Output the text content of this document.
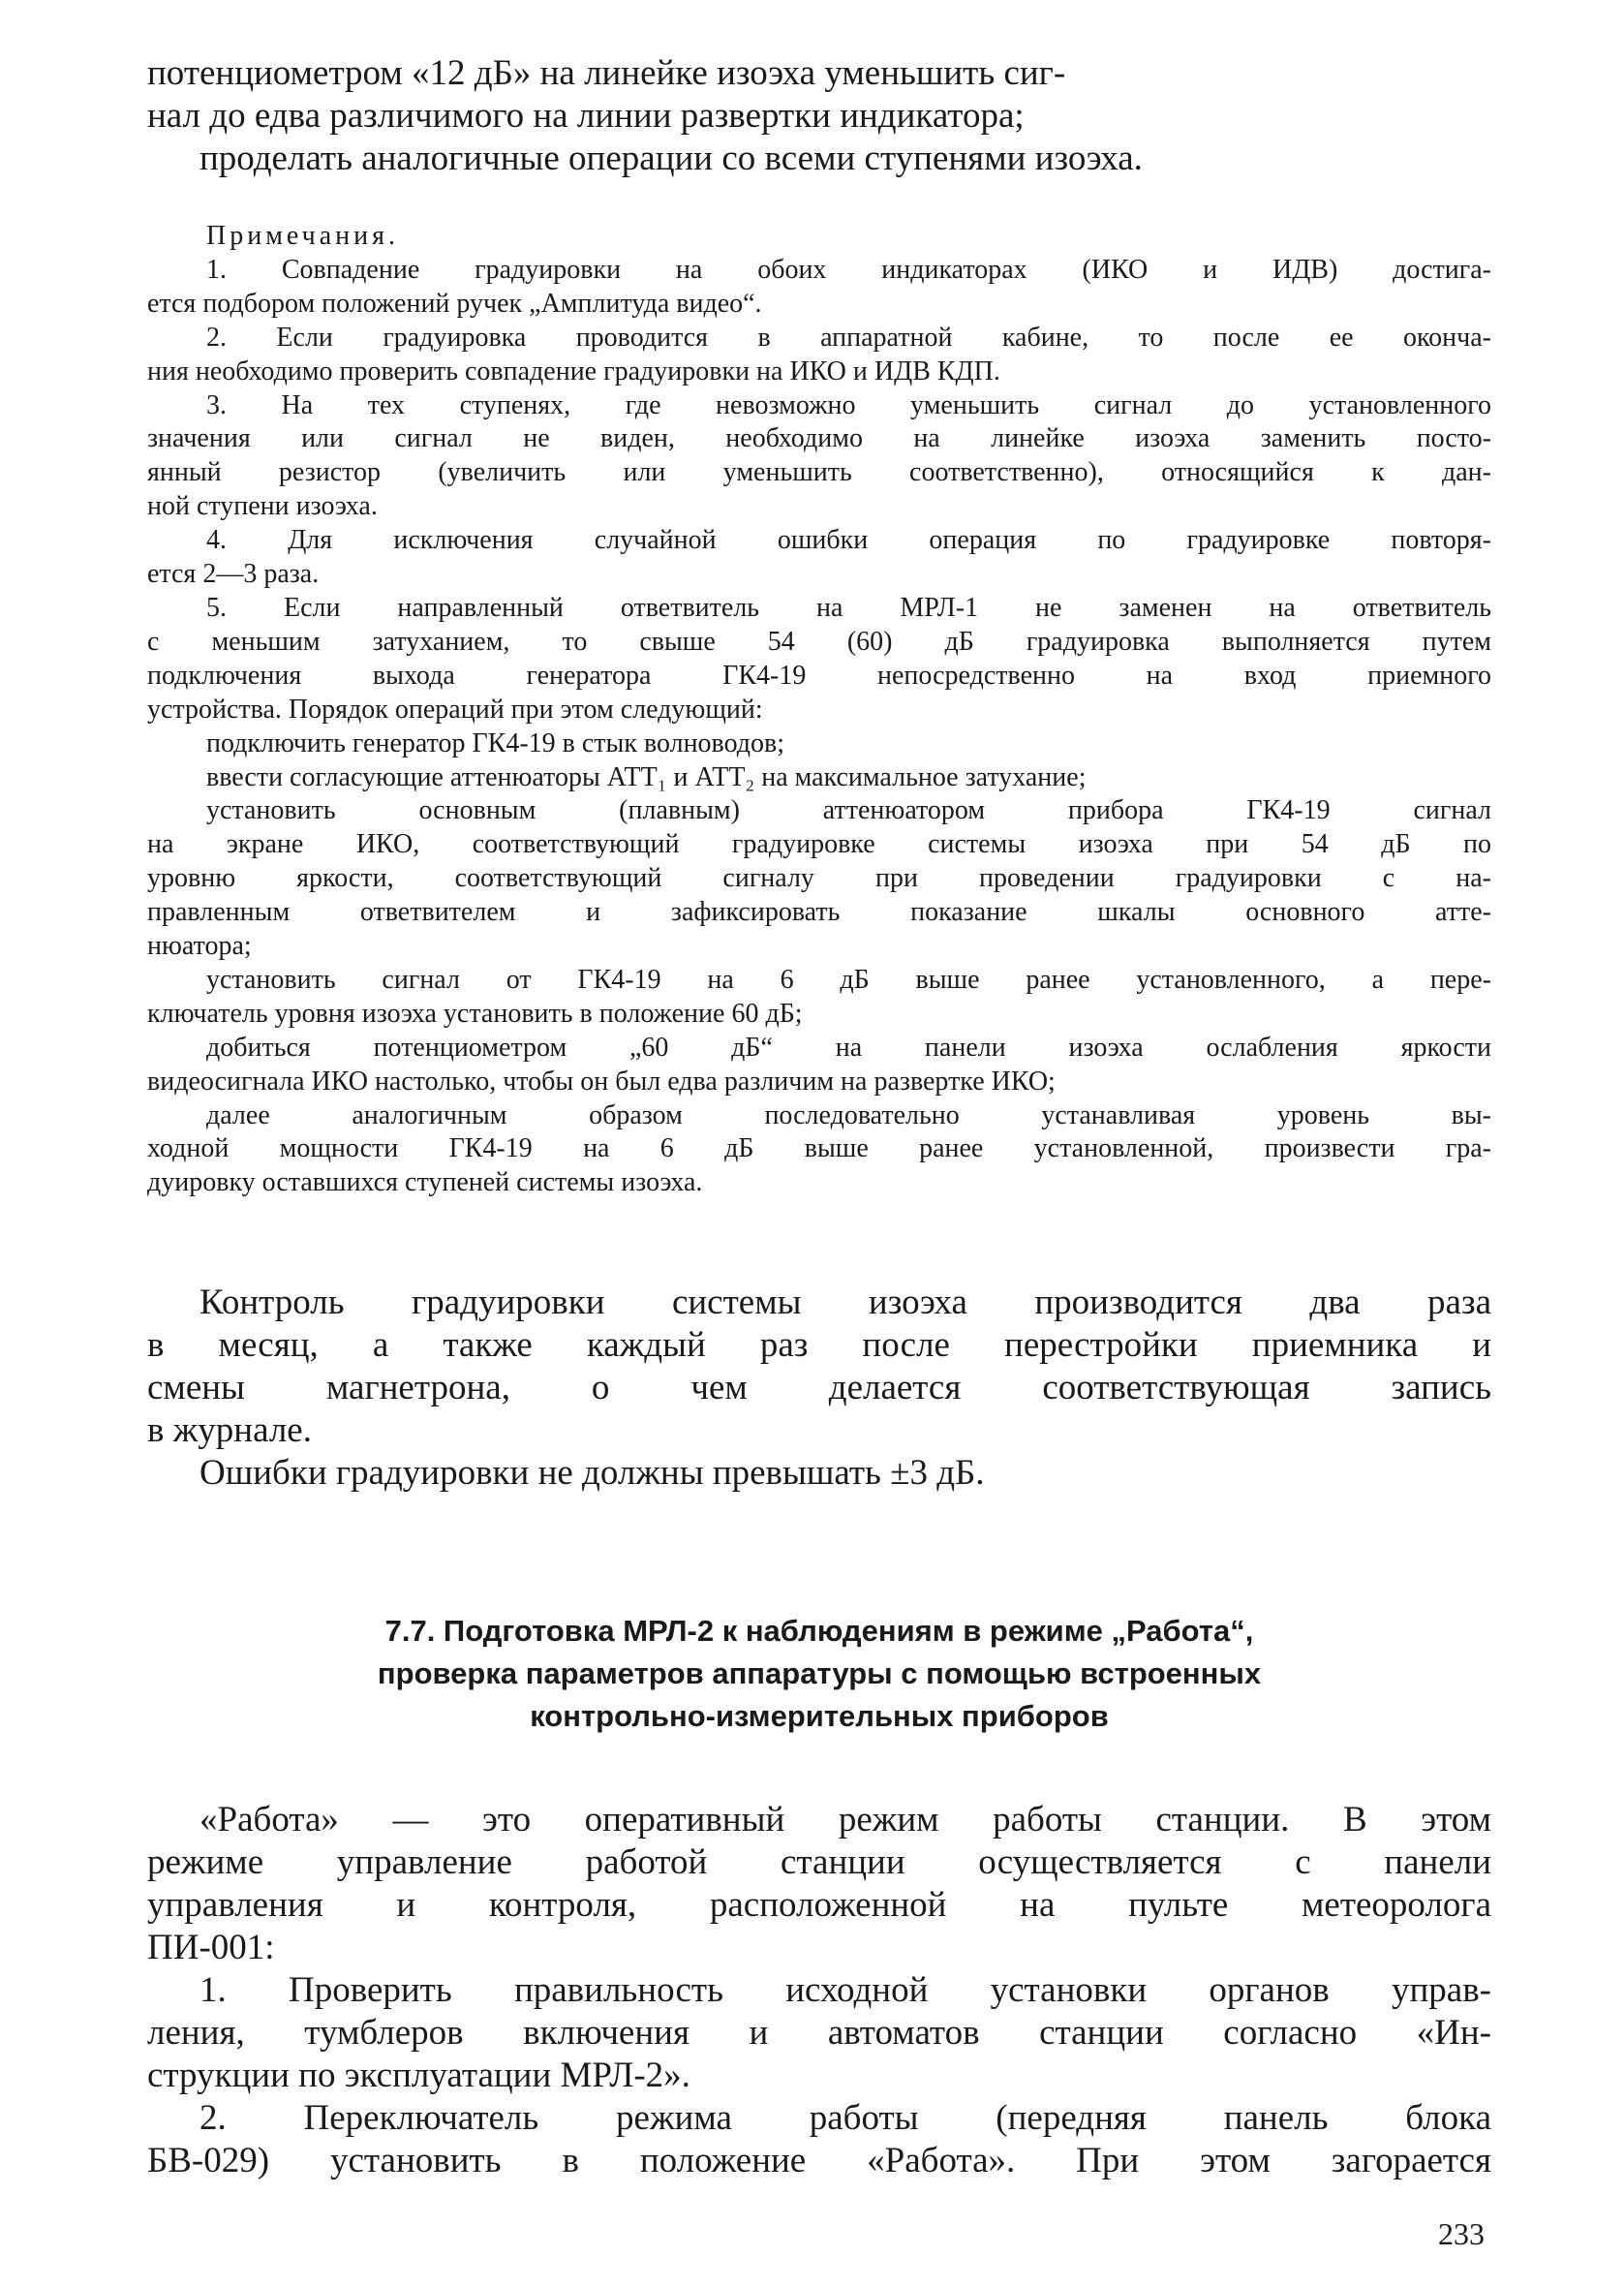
потенциометром «12 дБ» на линейке изоэха уменьшить сиг-
нал до едва различимого на линии развертки индикатора;
проделать аналогичные операции со всеми ступенями изоэха.
Примечания.
1. Совпадение градуировки на обоих индикаторах (ИКО и ИДВ) достига-
ется подбором положений ручек „Амплитуда видео“.
2. Если градуировка проводится в аппаратной кабине, то после ее оконча-
ния необходимо проверить совпадение градуировки на ИКО и ИДВ КДП.
3. На тех ступенях, где невозможно уменьшить сигнал до установленного
значения или сигнал не виден, необходимо на линейке изоэха заменить посто-
янный резистор (увеличить или уменьшить соответственно), относящийся к дан-
ной ступени изоэха.
4. Для исключения случайной ошибки операция по градуировке повторя-
ется 2—3 раза.
5. Если направленный ответвитель на МРЛ-1 не заменен на ответвитель
с меньшим затуханием, то свыше 54 (60) дБ градуировка выполняется путем
подключения выхода генератора ГК4-19 непосредственно на вход приемного
устройства. Порядок операций при этом следующий:
подключить генератор ГК4-19 в стык волноводов;
ввести согласующие аттенюаторы АТТ₁ и АТТ₂ на максимальное затухание;
установить основным (плавным) аттенюатором прибора ГК4-19 сигнал
на экране ИКО, соответствующий градуировке системы изоэха при 54 дБ по
уровню яркости, соответствующий сигналу при проведении градуировки с на-
правленным ответвителем и зафиксировать показание шкалы основного атте-
нюатора;
установить сигнал от ГК4-19 на 6 дБ выше ранее установленного, а пере-
ключатель уровня изоэха установить в положение 60 дБ;
добиться потенциометром „60 дБ“ на панели изоэха ослабления яркости
видеосигнала ИКО настолько, чтобы он был едва различим на развертке ИКО;
далее аналогичным образом последовательно устанавливая уровень вы-
ходной мощности ГК4-19 на 6 дБ выше ранее установленной, произвести гра-
дуировку оставшихся ступеней системы изоэха.
Контроль градуировки системы изоэха производится два раза
в месяц, а также каждый раз после перестройки приемника и
смены магнетрона, о чем делается соответствующая запись
в журнале.
Ошибки градуировки не должны превышать ±3 дБ.
7.7. Подготовка МРЛ-2 к наблюдениям в режиме „Работа“,
проверка параметров аппаратуры с помощью встроенных
контрольно-измерительных приборов
«Работа» — это оперативный режим работы станции. В этом
режиме управление работой станции осуществляется с панели
управления и контроля, расположенной на пульте метеоролога
ПИ-001:
1. Проверить правильность исходной установки органов управ-
ления, тумблеров включения и автоматов станции согласно «Ин-
струкции по эксплуатации МРЛ-2».
2. Переключатель режима работы (передняя панель блока
БВ-029) установить в положение «Работа». При этом загорается
233
